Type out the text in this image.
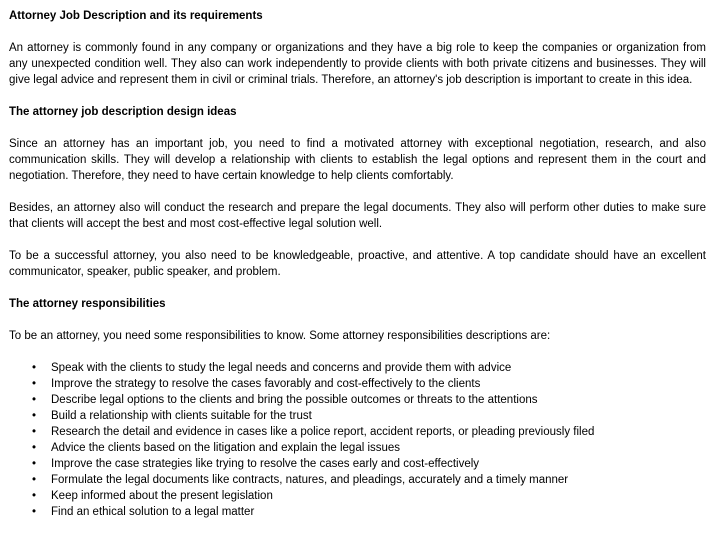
Attorney Job Description and its requirements

An attorney is commonly found in any company or organizations and they have a big role to keep the companies or organization from any unexpected condition well. They also can work independently to provide clients with both private citizens and businesses. They will give legal advice and represent them in civil or criminal trials. Therefore, an attorney's job description is important to create in this idea.

The attorney job description design ideas

Since an attorney has an important job, you need to find a motivated attorney with exceptional negotiation, research, and also communication skills. They will develop a relationship with clients to establish the legal options and represent them in the court and negotiation. Therefore, they need to have certain knowledge to help clients comfortably.

Besides, an attorney also will conduct the research and prepare the legal documents. They also will perform other duties to make sure that clients will accept the best and most cost-effective legal solution well.

To be a successful attorney, you also need to be knowledgeable, proactive, and attentive. A top candidate should have an excellent communicator, speaker, public speaker, and problem.

The attorney responsibilities

To be an attorney, you need some responsibilities to know. Some attorney responsibilities descriptions are:

• Speak with the clients to study the legal needs and concerns and provide them with advice
• Improve the strategy to resolve the cases favorably and cost-effectively to the clients
• Describe legal options to the clients and bring the possible outcomes or threats to the attentions
• Build a relationship with clients suitable for the trust
• Research the detail and evidence in cases like a police report, accident reports, or pleading previously filed
• Advice the clients based on the litigation and explain the legal issues
• Improve the case strategies like trying to resolve the cases early and cost-effectively
• Formulate the legal documents like contracts, natures, and pleadings, accurately and a timely manner
• Keep informed about the present legislation
• Find an ethical solution to a legal matter
